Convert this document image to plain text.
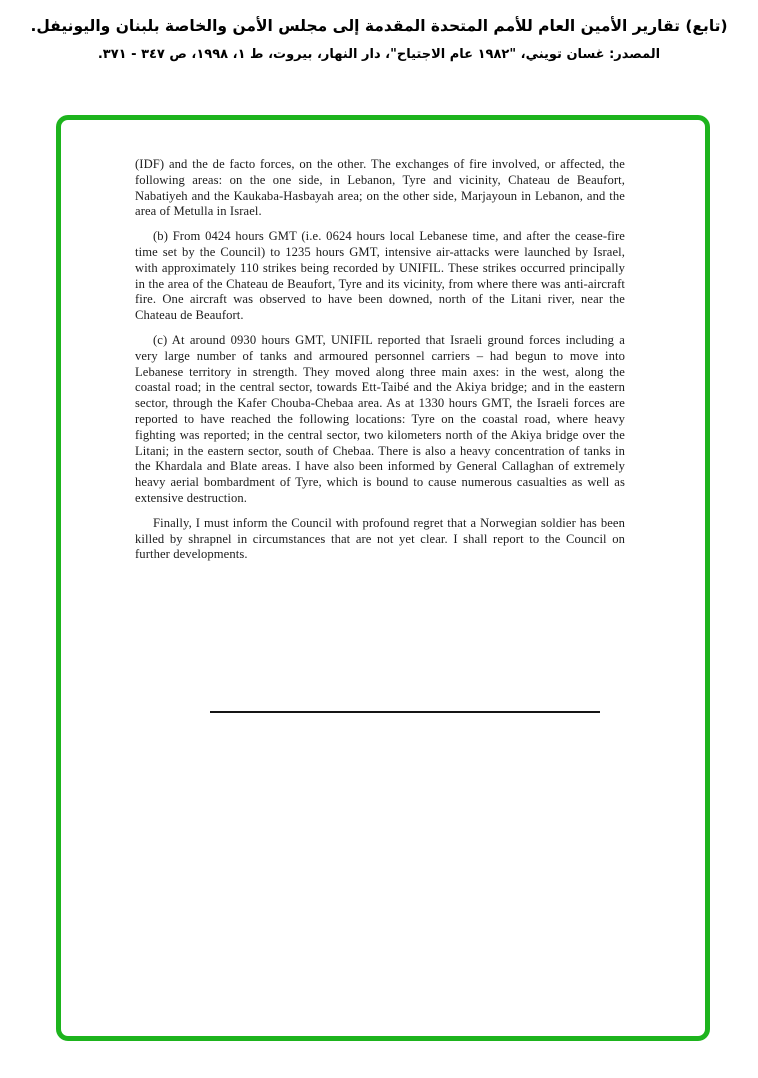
(تابع) تقارير الأمين العام للأمم المتحدة المقدمة إلى مجلس الأمن والخاصة بلبنان واليونيفل.
المصدر: غسان تويني، "١٩٨٢ عام الاجتياح"، دار النهار، بيروت، ط ١، ١٩٩٨، ص ٣٤٧ - ٣٧١.

(IDF) and the de facto forces, on the other. The exchanges of fire involved, or affected, the following areas: on the one side, in Lebanon, Tyre and vicinity, Chateau de Beaufort, Nabatiyeh and the Kaukaba-Hasbayah area; on the other side, Marjayoun in Lebanon, and the area of Metulla in Israel.

(b) From 0424 hours GMT (i.e. 0624 hours local Lebanese time, and after the cease-fire time set by the Council) to 1235 hours GMT, intensive air-attacks were launched by Israel, with approximately 110 strikes being recorded by UNIFIL. These strikes occurred principally in the area of the Chateau de Beaufort, Tyre and its vicinity, from where there was anti-aircraft fire. One aircraft was observed to have been downed, north of the Litani river, near the Chateau de Beaufort.

(c) At around 0930 hours GMT, UNIFIL reported that Israeli ground forces including a very large number of tanks and armoured personnel carriers – had begun to move into Lebanese territory in strength. They moved along three main axes: in the west, along the coastal road; in the central sector, towards Ett-Taibé and the Akiya bridge; and in the eastern sector, through the Kafer Chouba-Chebaa area. As at 1330 hours GMT, the Israeli forces are reported to have reached the following locations: Tyre on the coastal road, where heavy fighting was reported; in the central sector, two kilometers north of the Akiya bridge over the Litani; in the eastern sector, south of Chebaa. There is also a heavy concentration of tanks in the Khardala and Blate areas. I have also been informed by General Callaghan of extremely heavy aerial bombardment of Tyre, which is bound to cause numerous casualties as well as extensive destruction.

Finally, I must inform the Council with profound regret that a Norwegian soldier has been killed by shrapnel in circumstances that are not yet clear. I shall report to the Council on further developments.
